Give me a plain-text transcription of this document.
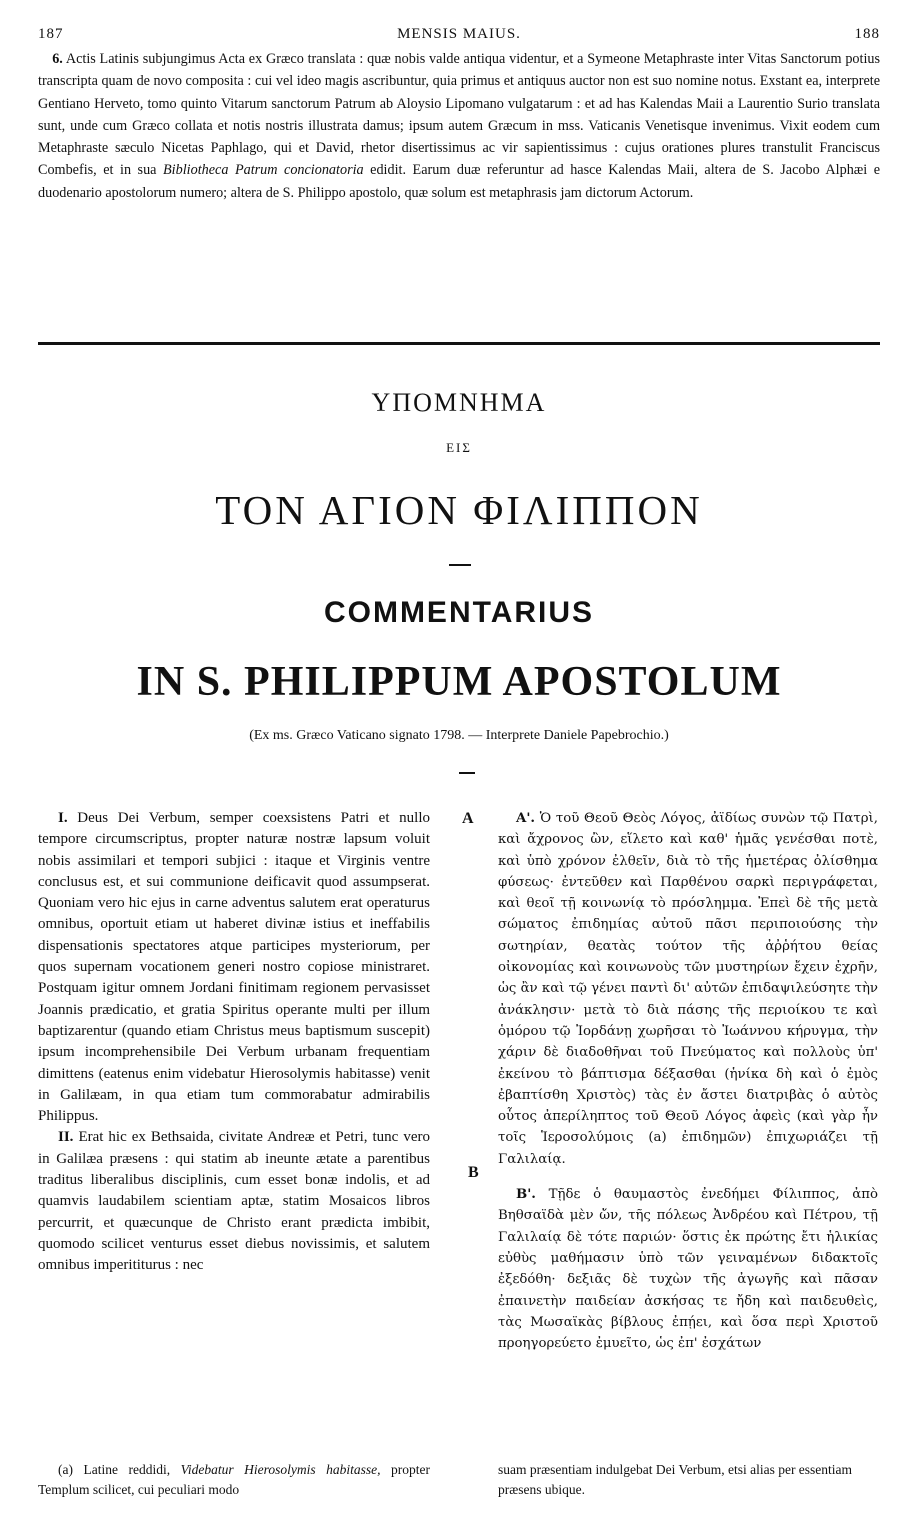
187	MENSIS MAIUS.	188
 6. Actis Latinis subjungimus Acta ex Græco translata : quæ nobis valde antiqua videntur, et a Symeone Metaphraste inter Vitas Sanctorum potius transcripta quam de novo composita : cui vel ideo magis ascribuntur, quia primus et antiquus auctor non est suo nomine notus. Exstant ea, interprete Gentiano Herveto, tomo quinto Vitarum sanctorum Patrum ab Aloysio Lipomano vulgatarum : et ad has Kalendas Maii a Laurentio Surio translata sunt, unde cum Græco collata et notis nostris illustrata damus; ipsum autem Græcum in mss. Vaticanis Venetisque invenimus. Vixit eodem cum Metaphraste sæculo Nicetas Paphlago, qui et David, rhetor disertissimus ac vir sapientissimus : cujus orationes plures transtulit Franciscus Combefis, et in sua Bibliotheca Patrum concionatoria edidit. Earum duæ referuntur ad hasce Kalendas Maii, altera de S. Jacobo Alphæi e duodenario apostolorum numero; altera de S. Philippo apostolo, quæ solum est metaphrasis jam dictorum Actorum.
ΥΠΟΜΝΗΜΑ
ΕΙΣ
ΤΟΝ ΑΓΙΟΝ ΦΙΛΙΠΠΟΝ
COMMENTARIUS
IN S. PHILIPPUM APOSTOLUM
(Ex ms. Græco Vaticano signato 1798. — Interprete Daniele Papebrochio.)
A
B

I. Deus Dei Verbum, semper coexsistens Patri et nullo tempore circumscriptus, propter naturæ nostræ lapsum voluit nobis assimilari et tempori subjici : itaque et Virginis ventre conclusus est, et sui communione deificavit quod assumpserat. Quoniam vero hic ejus in carne adventus salutem erat operaturus omnibus, oportuit etiam ut haberet divinæ istius et ineffabilis dispensationis spectatores atque participes mysteriorum, per quos supernam vocationem generi nostro copiose ministraret. Postquam igitur omnem Jordani finitimam regionem pervasisset Joannis prædicatio, et gratia Spiritus operante multi per illum baptizarentur (quando etiam Christus meus baptismum suscepit) ipsum incomprehensibile Dei Verbum urbanam frequentiam dimittens (eatenus enim videbatur Hierosolymis habitasse) venit in Galilæam, in qua etiam tum commorabatur admirabilis Philippus.

II. Erat hic ex Bethsaida, civitate Andreæ et Petri, tunc vero in Galilæa præsens : qui statim ab ineunte ætate a parentibus traditus liberalibus disciplinis, cum esset bonæ indolis, et ad quamvis laudabilem scientiam aptæ, statim Mosaicos libros percurrit, et quæcunque de Christo erant prædicta imbibit, quomodo scilicet venturus esset diebus novissimis, et salutem omnibus imperititurus : nec

Α'. Ὁ τοῦ Θεοῦ Θεὸς Λόγος, ἀϊδίως συνὼν τῷ Πατρὶ, καὶ ἄχρονος ὢν, εἵλετο καὶ καθ' ἡμᾶς γενέσθαι ποτὲ, καὶ ὑπὸ χρόνον ἐλθεῖν, διὰ τὸ τῆς ἡμετέρας ὀλίσθημα φύσεως· ἐντεῦθεν καὶ Παρθένου σαρκὶ περιγράφεται, καὶ θεοῖ τῇ κοινωνίᾳ τὸ πρόσλημμα. Ἐπεὶ δὲ τῆς μετὰ σώματος ἐπιδημίας αὐτοῦ πᾶσι περιποιούσης τὴν σωτηρίαν, θεατὰς τούτον τῆς ἀῤῥήτου θείας οἰκονομίας καὶ κοινωνοὺς τῶν μυστηρίων ἔχειν ἐχρῆν, ὡς ἂν καὶ τῷ γένει παντὶ δι' αὐτῶν ἐπιδαψιλεύσητε τὴν ἀνάκλησιν· μετὰ τὸ διὰ πάσης τῆς περιοίκου τε καὶ ὁμόρου τῷ Ἰορδάνῃ χωρῆσαι τὸ Ἰωάννου κήρυγμα, τὴν χάριν δὲ διαδοθῆναι τοῦ Πνεύματος καὶ πολλοὺς ὑπ' ἐκείνου τὸ βάπτισμα δέξασθαι (ἡνίκα δὴ καὶ ὁ ἐμὸς ἐβαπτίσθη Χριστὸς) τὰς ἐν ἄστει διατριβὰς ὁ αὐτὸς οὗτος ἀπερίληπτος τοῦ Θεοῦ Λόγος ἀφεὶς (καὶ γὰρ ἦν τοῖς Ἱεροσολύμοις (a) ἐπιδημῶν) ἐπιχωριάζει τῇ Γαλιλαίᾳ.

Β'. Τῇδε ὁ θαυμαστὸς ἐνεδήμει Φίλιππος, ἀπὸ Βηθσαϊδὰ μὲν ὤν, τῆς πόλεως Ἀνδρέου καὶ Πέτρου, τῇ Γαλιλαίᾳ δὲ τότε παριών· ὅστις ἐκ πρώτης ἔτι ἡλικίας εὐθὺς μαθήμασιν ὑπὸ τῶν γειναμένων διδακτοῖς ἐξεδόθη· δεξιᾶς δὲ τυχὼν τῆς ἀγωγῆς καὶ πᾶσαν ἐπαινετὴν παιδείαν ἀσκήσας τε ἤδη καὶ παιδευθεὶς, τὰς Μωσαϊκὰς βίβλους ἐπῄει, καὶ ὅσα περὶ Χριστοῦ προηγορεύετο ἐμυεῖτο, ὡς ἐπ' ἐσχάτων

(a) Latine reddidi, Videbatur Hierosolymis habitasse, propter Templum scilicet, cui peculiari modo

suam præsentiam indulgebat Dei Verbum, etsi alias per essentiam præsens ubique.
